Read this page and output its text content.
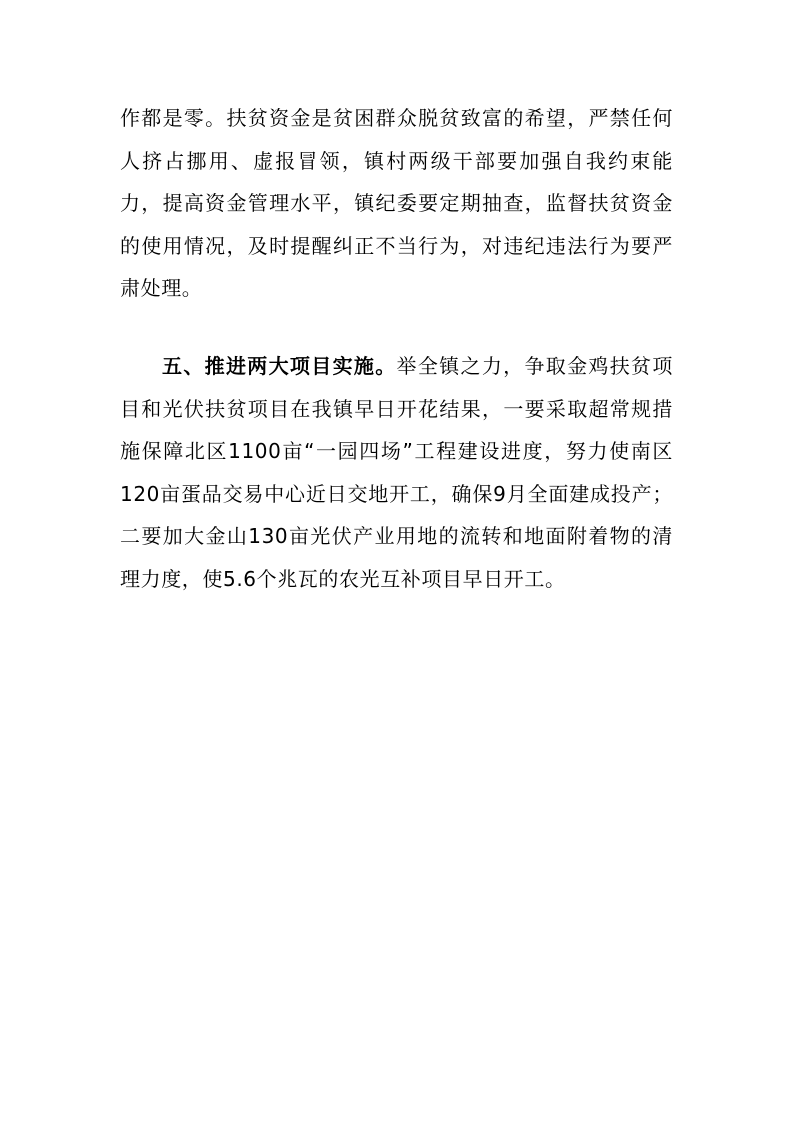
作都是零。扶贫资金是贫困群众脱贫致富的希望，严禁任何人挤占挪用、虚报冒领，镇村两级干部要加强自我约束能力，提高资金管理水平，镇纪委要定期抽查，监督扶贫资金的使用情况，及时提醒纠正不当行为，对违纪违法行为要严肃处理。

五、推进两大项目实施。举全镇之力，争取金鸡扶贫项目和光伏扶贫项目在我镇早日开花结果，一要采取超常规措施保障北区1100亩“一园四场”工程建设进度，努力使南区120亩蛋品交易中心近日交地开工，确保9月全面建成投产；二要加大金山130亩光伏产业用地的流转和地面附着物的清理力度，使5.6个兆瓦的农光互补项目早日开工。
